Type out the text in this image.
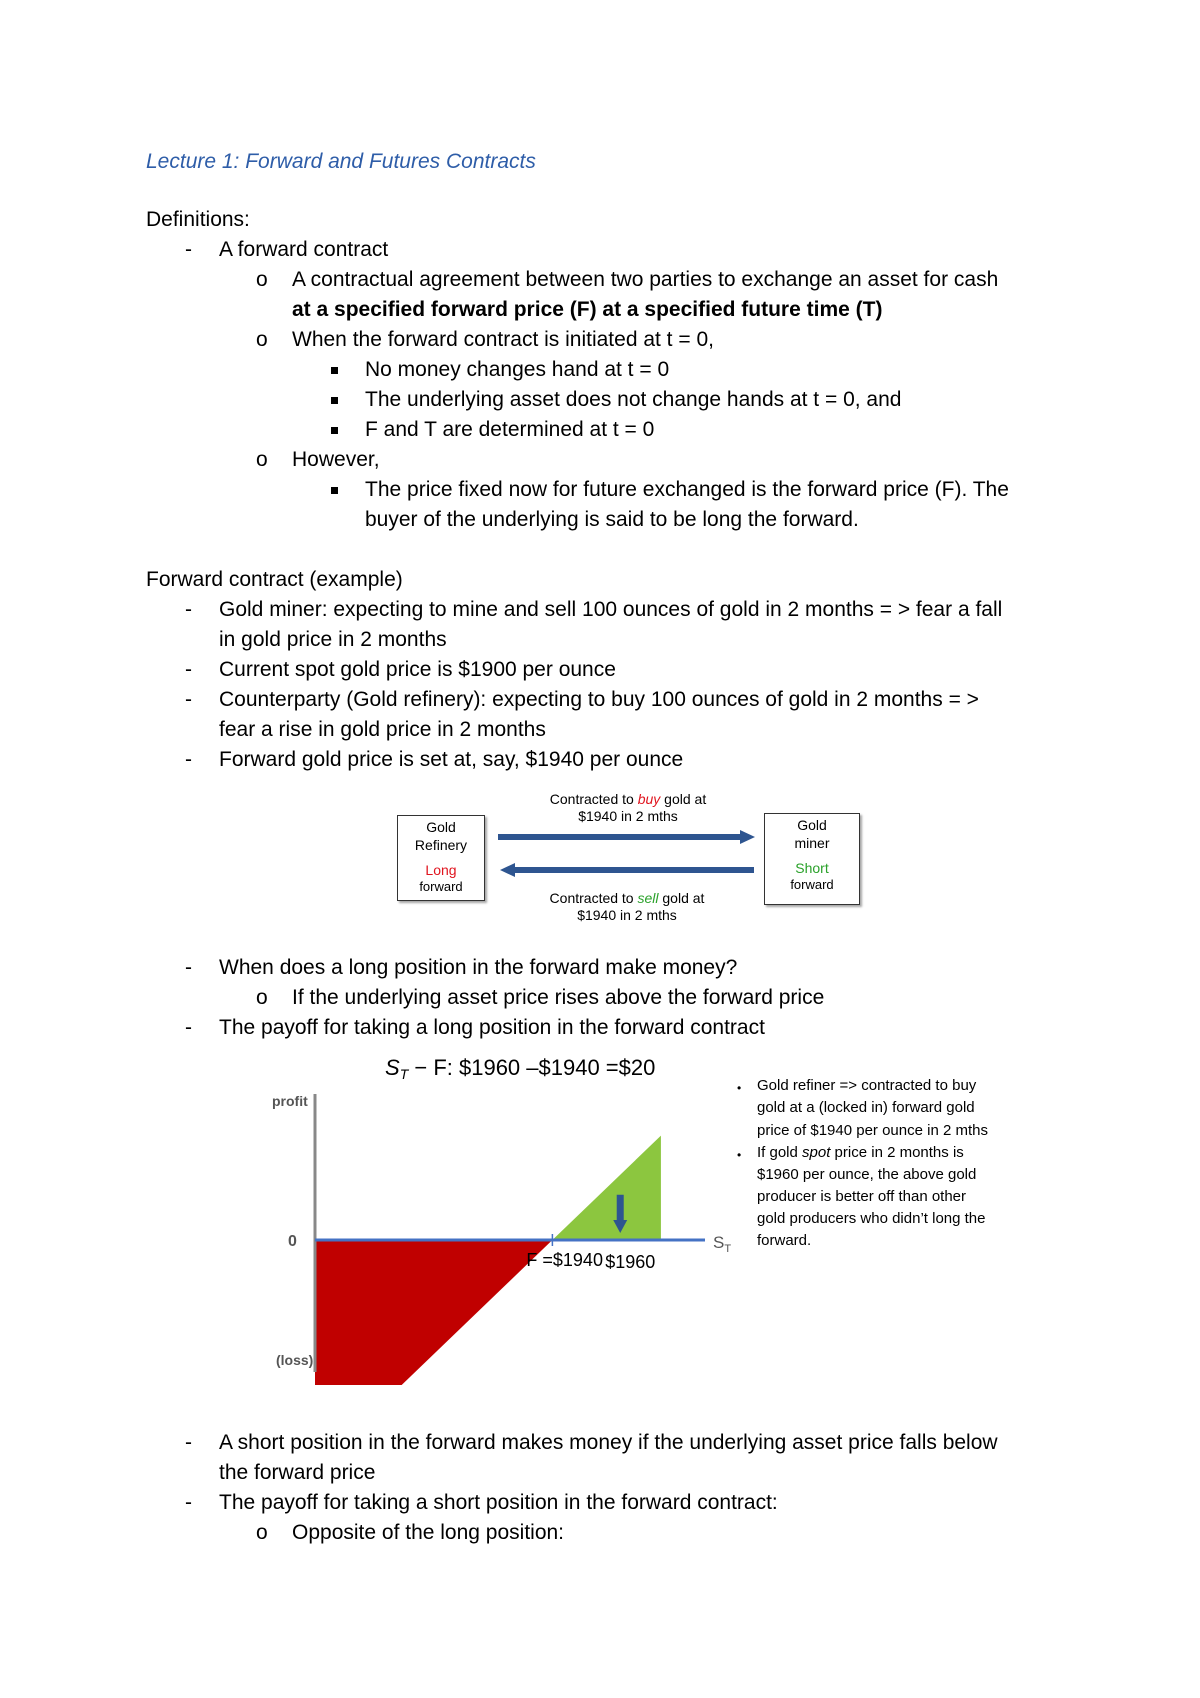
Lecture 1: Forward and Futures Contracts
Definitions:
- A forward contract
o A contractual agreement between two parties to exchange an asset for cash
at a specified forward price (F) at a specified future time (T)
o When the forward contract is initiated at t = 0,
No money changes hand at t = 0
The underlying asset does not change hands at t = 0, and
F and T are determined at t = 0
o However,
The price fixed now for future exchanged is the forward price (F). The
buyer of the underlying is said to be long the forward.
Forward contract (example)
- Gold miner: expecting to mine and sell 100 ounces of gold in 2 months = > fear a fall
in gold price in 2 months
- Current spot gold price is $1900 per ounce
- Counterparty (Gold refinery): expecting to buy 100 ounces of gold in 2 months = >
fear a rise in gold price in 2 months
- Forward gold price is set at, say, $1940 per ounce
Gold
Refinery
Long
forward
Gold
miner
Short
forward
Contracted to buy gold at
$1940 in 2 mths
Contracted to sell gold at
$1940 in 2 mths
- When does a long position in the forward make money?
o If the underlying asset price rises above the forward price
- The payoff for taking a long position in the forward contract
ST − F: $1960 –$1940 =$20
profit
0
(loss)
$S_T$
F =$1940 $1960
• Gold refiner => contracted to buy
gold at a (locked in) forward gold
price of $1940 per ounce in 2 mths
• If gold spot price in 2 months is
$1960 per ounce, the above gold
producer is better off than other
gold producers who didn’t long the
forward.
- A short position in the forward makes money if the underlying asset price falls below
the forward price
- The payoff for taking a short position in the forward contract:
o Opposite of the long position:
